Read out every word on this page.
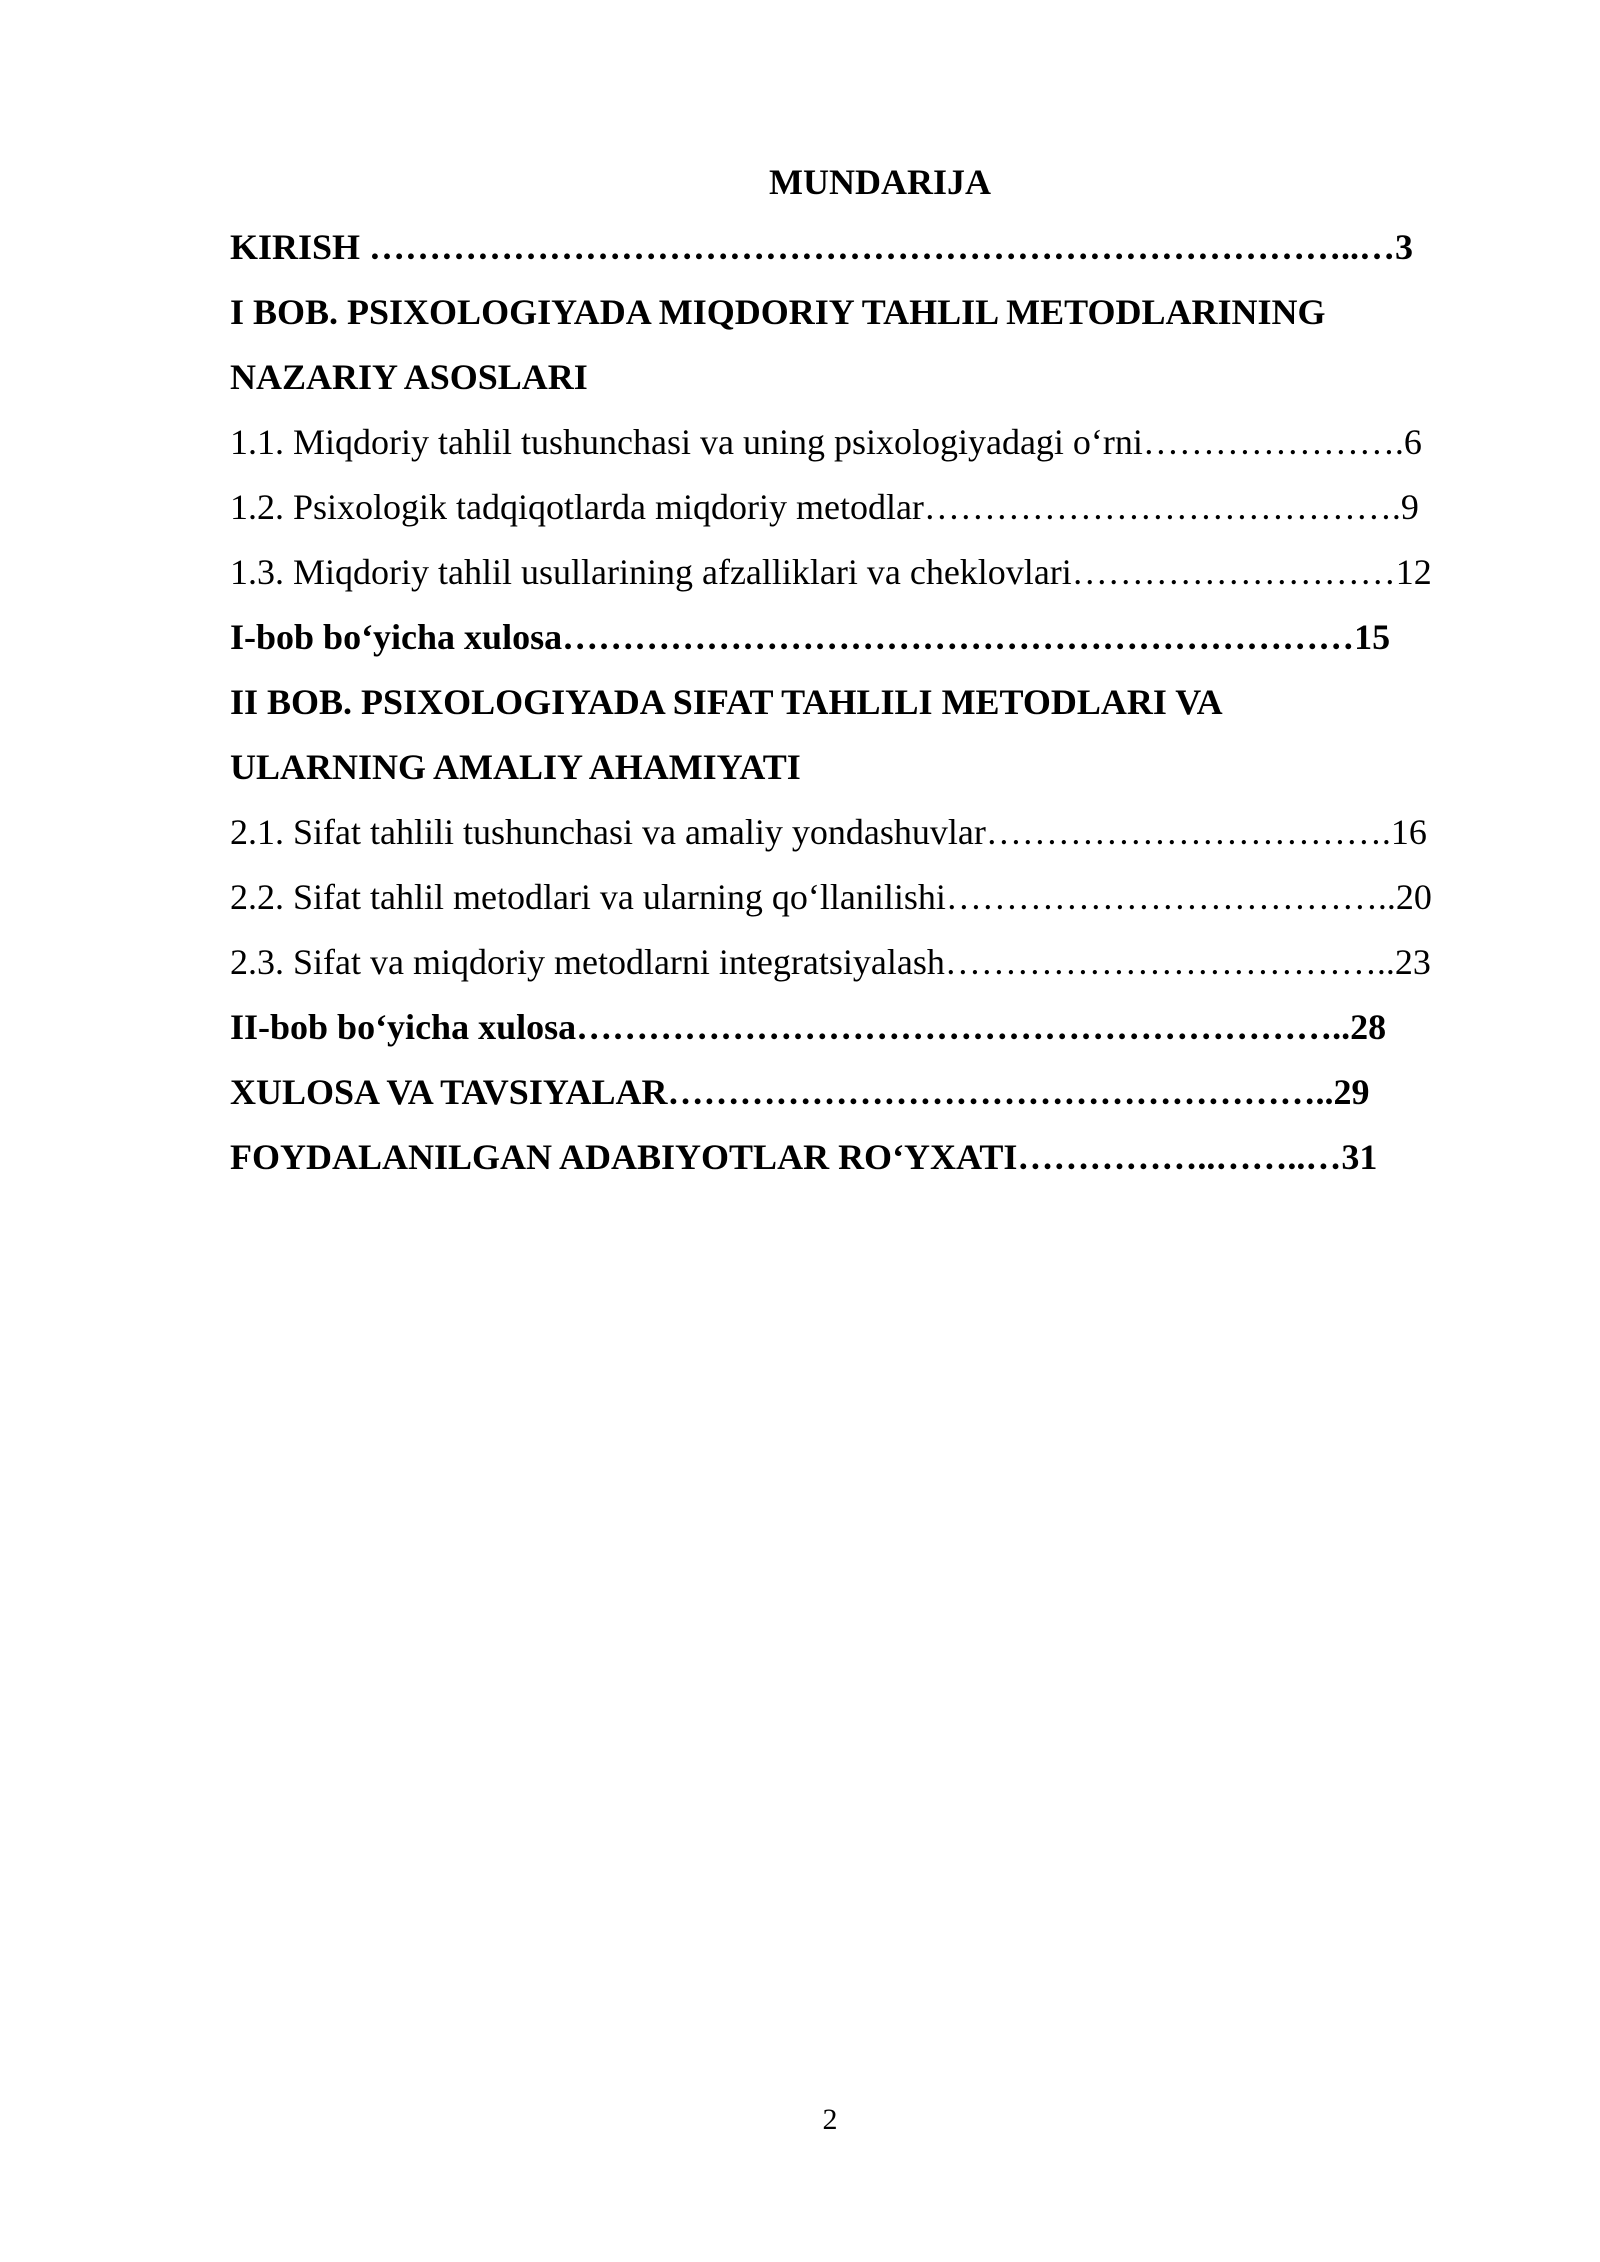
MUNDARIJA
KIRISH ………………………………………………………………………..…3
I BOB. PSIXOLOGIYADA MIQDORIY TAHLIL METODLARINING
NAZARIY ASOSLARI
1.1. Miqdoriy tahlil tushunchasi va uning psixologiyadagi o‘rni………………….6
1.2. Psixologik tadqiqotlarda miqdoriy metodlar………………………………….9
1.3. Miqdoriy tahlil usullarining afzalliklari va cheklovlari………………………12
I-bob bo‘yicha xulosa…………………………………………………………15
II BOB. PSIXOLOGIYADA SIFAT TAHLILI METODLARI VA
ULARNING AMALIY AHAMIYATI
2.1. Sifat tahlili tushunchasi va amaliy yondashuvlar…………………………….16
2.2. Sifat tahlil metodlari va ularning qo‘llanilishi………………………………..20
2.3. Sifat va miqdoriy metodlarni integratsiyalash………………………………..23
II-bob bo‘yicha xulosa………………………………………………………..28
XULOSA VA TAVSIYALAR………………………………………………..29
FOYDALANILGAN ADABIYOTLAR RO‘YXATI……………..……..…31
2
